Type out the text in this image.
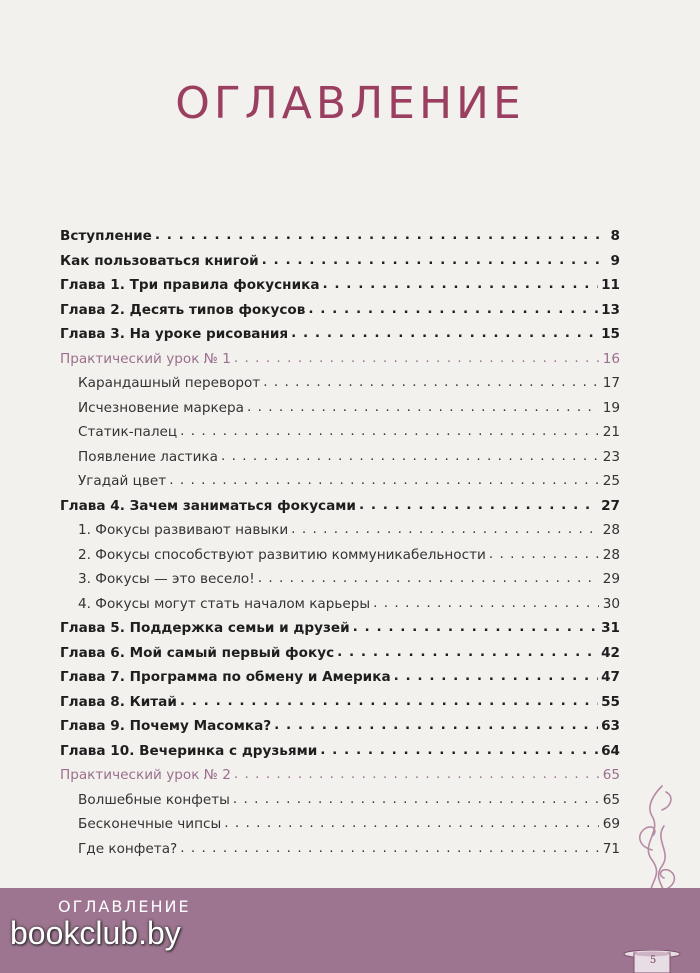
ОГЛАВЛЕНИЕ
Вступление . . .	8
Как пользоваться книгой . . .	9
Глава 1. Три правила фокусника . . .	11
Глава 2. Десять типов фокусов . . .	13
Глава 3. На уроке рисования . . .	15
Практический урок № 1 . . .	16
Карандашный переворот . . .	17
Исчезновение маркера . . .	19
Статик-палец . . .	21
Появление ластика . . .	23
Угадай цвет . . .	25
Глава 4. Зачем заниматься фокусами . . .	27
1. Фокусы развивают навыки . . .	28
2. Фокусы способствуют развитию коммуникабельности . . .	28
3. Фокусы — это весело! . . .	29
4. Фокусы могут стать началом карьеры . . .	30
Глава 5. Поддержка семьи и друзей . . .	31
Глава 6. Мой самый первый фокус . . .	42
Глава 7. Программа по обмену и Америка . . .	47
Глава 8. Китай . . .	55
Глава 9. Почему Масомка? . . .	63
Глава 10. Вечеринка с друзьями . . .	64
Практический урок № 2 . . .	65
Волшебные конфеты . . .	65
Бесконечные чипсы . . .	69
Где конфета? . . .	71
ОГЛАВЛЕНИЕ
5
bookclub.by
